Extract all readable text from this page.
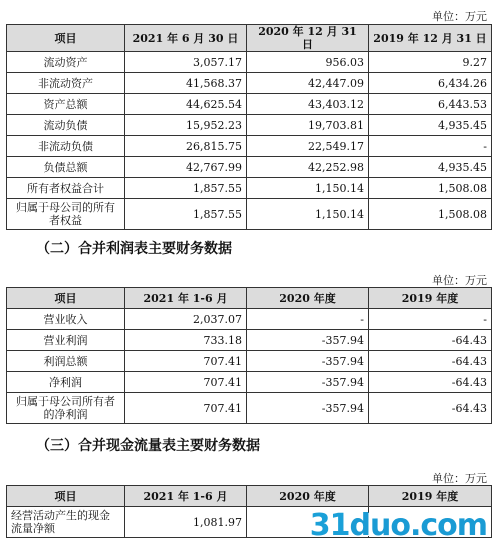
单位：万元
项目	2021 年 6 月 30 日	2020 年 12 月 31 日	2019 年 12 月 31 日
流动资产	3,057.17	956.03	9.27
非流动资产	41,568.37	42,447.09	6,434.26
资产总额	44,625.54	43,403.12	6,443.53
流动负债	15,952.23	19,703.81	4,935.45
非流动负债	26,815.75	22,549.17	-
负债总额	42,767.99	42,252.98	4,935.45
所有者权益合计	1,857.55	1,150.14	1,508.08
归属于母公司的所有者权益	1,857.55	1,150.14	1,508.08
（二）合并利润表主要财务数据
单位：万元
项目	2021 年 1-6 月	2020 年度	2019 年度
营业收入	2,037.07	-	-
营业利润	733.18	-357.94	-64.43
利润总额	707.41	-357.94	-64.43
净利润	707.41	-357.94	-64.43
归属于母公司所有者的净利润	707.41	-357.94	-64.43
（三）合并现金流量表主要财务数据
单位：万元
项目	2021 年 1-6 月	2020 年度	2019 年度
经营活动产生的现金流量净额	1,081.97		31duo.com
